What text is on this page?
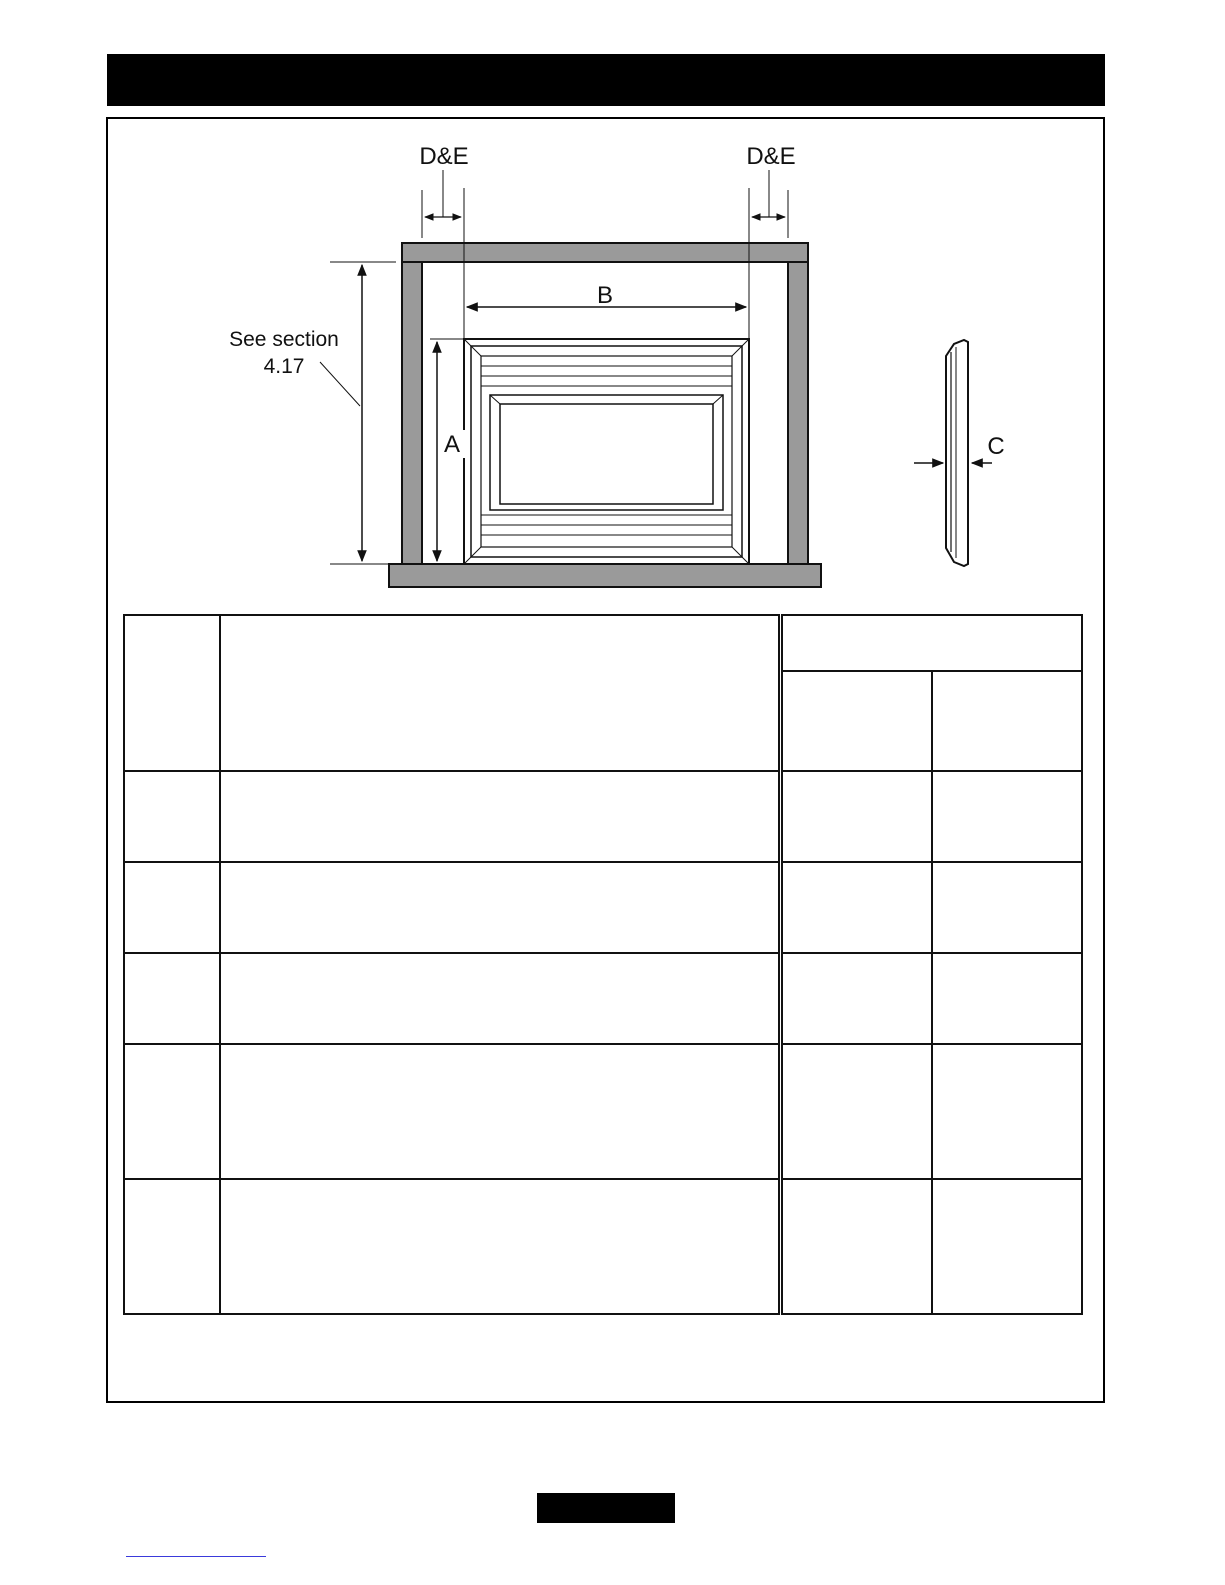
A
B
D&E	D&E
See section
4.17
C
